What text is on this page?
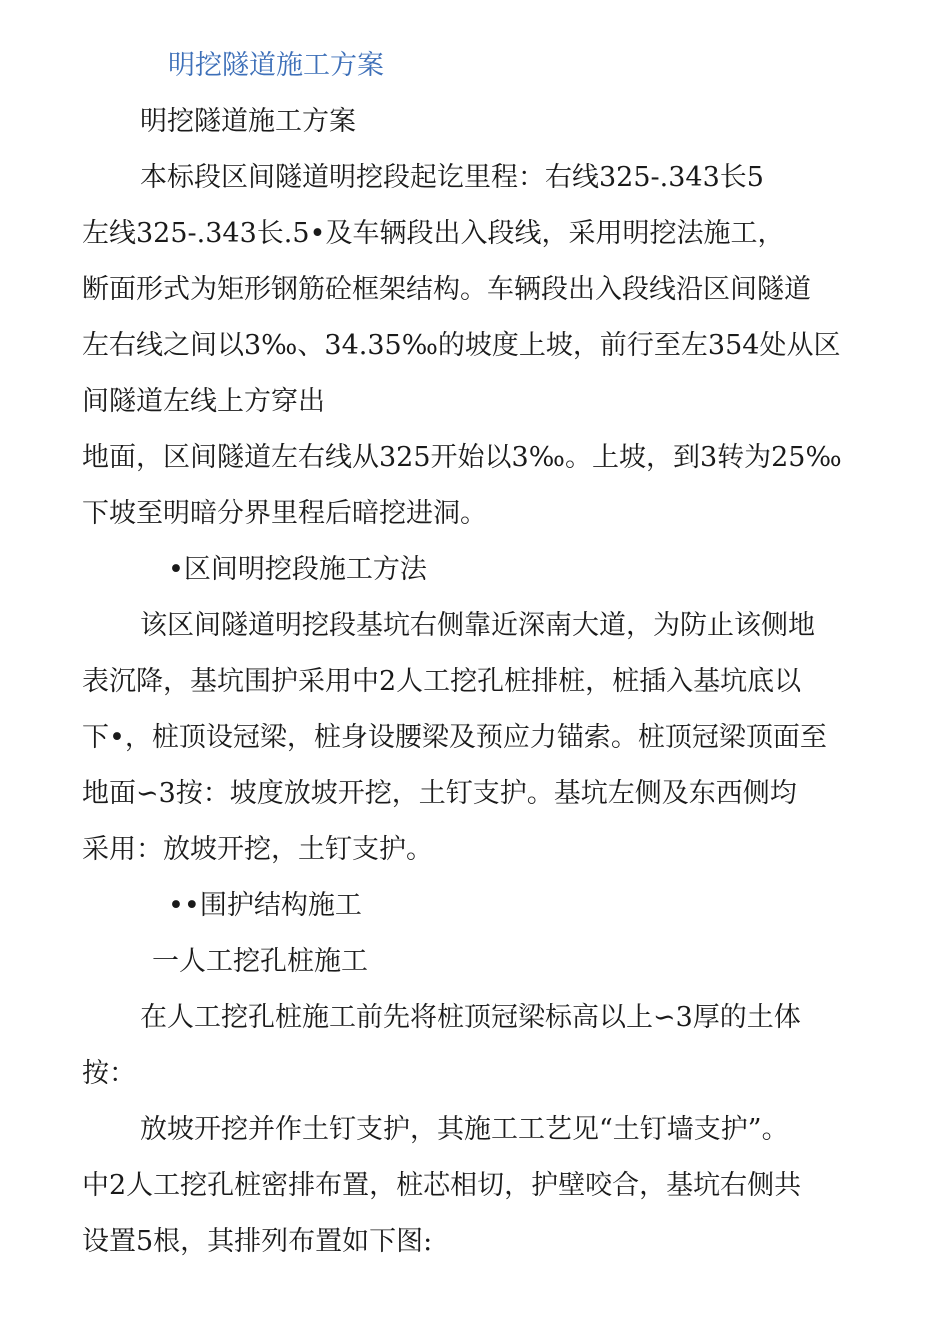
明挖隧道施工方案
明挖隧道施工方案
本标段区间隧道明挖段起讫里程：右线325-.343长5
左线325-.343长.5•及车辆段出入段线，采用明挖法施工，
断面形式为矩形钢筋砼框架结构。车辆段出入段线沿区间隧道
左右线之间以3‰、34.35‰的坡度上坡，前行至左354处从区
间隧道左线上方穿出
地面，区间隧道左右线从325开始以3‰。上坡，到3转为25‰
下坡至明暗分界里程后暗挖进洞。
•区间明挖段施工方法
该区间隧道明挖段基坑右侧靠近深南大道，为防止该侧地
表沉降，基坑围护采用中2人工挖孔桩排桩，桩插入基坑底以
下•，桩顶设冠梁，桩身设腰梁及预应力锚索。桩顶冠梁顶面至
地面∽3按：坡度放坡开挖，土钉支护。基坑左侧及东西侧均
采用：放坡开挖，土钉支护。
••围护结构施工
一人工挖孔桩施工
在人工挖孔桩施工前先将桩顶冠梁标高以上∽3厚的土体
按：
放坡开挖并作土钉支护，其施工工艺见“土钉墙支护”。
中2人工挖孔桩密排布置，桩芯相切，护壁咬合，基坑右侧共
设置5根，其排列布置如下图:
